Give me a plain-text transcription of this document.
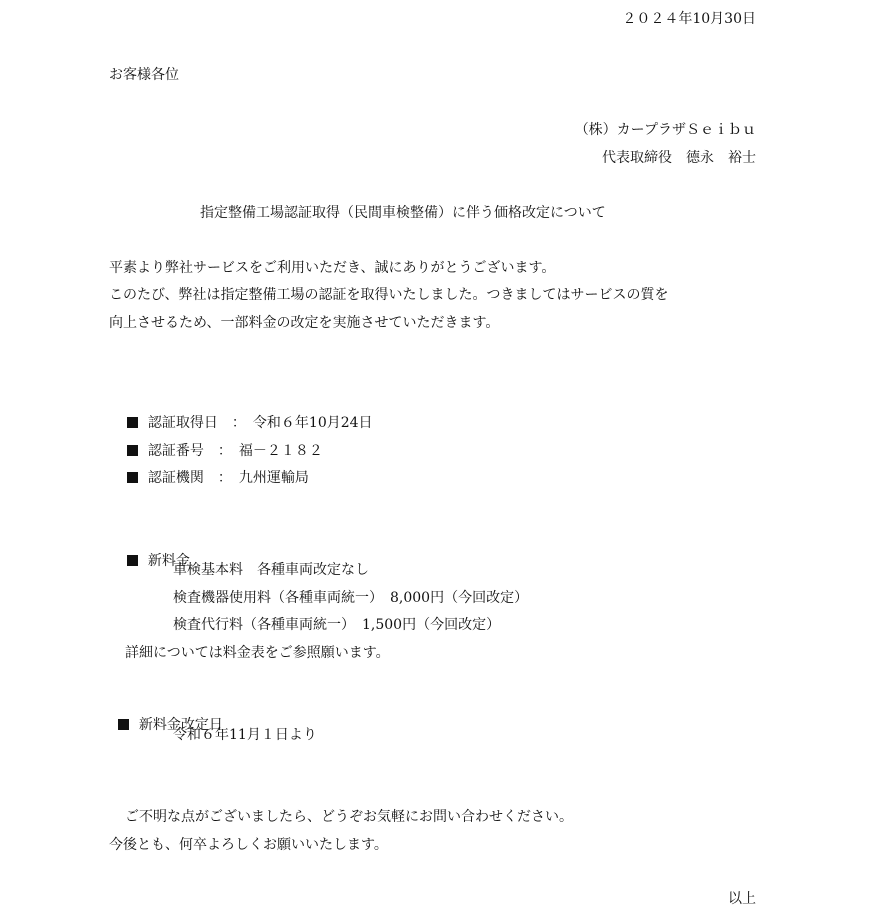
２０２４年10月30日
お客様各位
（株）カープラザＳｅｉｂｕ
代表取締役　德永　裕士
指定整備工場認証取得（民間車検整備）に伴う価格改定について
平素より弊社サービスをご利用いただき、誠にありがとうございます。
このたび、弊社は指定整備工場の認証を取得いたしました。つきましてはサービスの質を
向上させるため、一部料金の改定を実施させていただきます。

認証取得日　：　令和６年10月24日

認証番号　：　福－２１８２

認証機関　：　九州運輸局

新料金

車検基本料　各種車両改定なし
検査機器使用料（各種車両統一）　8,000円（今回改定）
検査代行料（各種車両統一）　1,500円（今回改定）
詳細については料金表をご参照願います。

新料金改定日

令和６年11月１日より
ご不明な点がございましたら、どうぞお気軽にお問い合わせください。
今後とも、何卒よろしくお願いいたします。
以上
